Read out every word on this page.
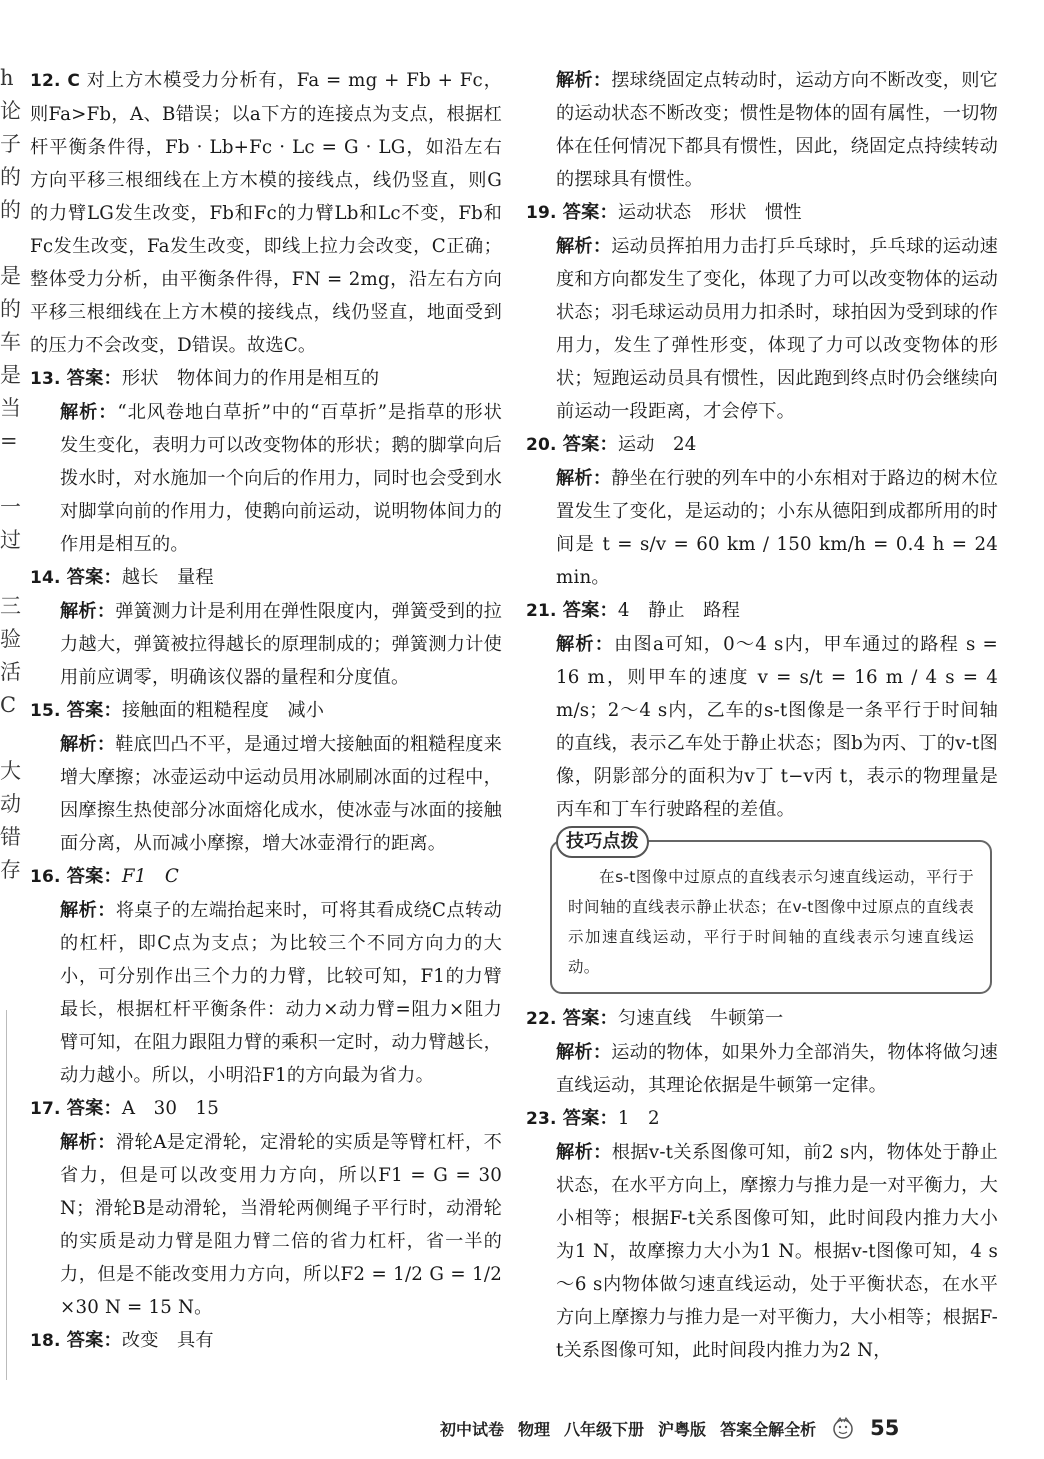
h
论
子
的
的

是
的
车
是
当
=

一
过

三
验
活
C

大
动
错
存

12. C 对上方木模受力分析有，Fa = mg + Fb + Fc，则Fa>Fb，A、B错误；以a下方的连接点为支点，根据杠杆平衡条件得，Fb · Lb+Fc · Lc = G · LG，如沿左右方向平移三根细线在上方木模的接线点，线仍竖直，则G的力臂LG发生改变，Fb和Fc的力臂Lb和Lc不变，Fb和Fc发生改变，Fa发生改变，即线上拉力会改变，C正确；整体受力分析，由平衡条件得，FN = 2mg，沿左右方向平移三根细线在上方木模的接线点，线仍竖直，地面受到的压力不会改变，D错误。故选C。

13. 答案：形状　物体间力的作用是相互的

解析：“北风卷地白草折”中的“百草折”是指草的形状发生变化，表明力可以改变物体的形状；鹅的脚掌向后拨水时，对水施加一个向后的作用力，同时也会受到水对脚掌向前的作用力，使鹅向前运动，说明物体间力的作用是相互的。

14. 答案：越长　量程

解析：弹簧测力计是利用在弹性限度内，弹簧受到的拉力越大，弹簧被拉得越长的原理制成的；弹簧测力计使用前应调零，明确该仪器的量程和分度值。

15. 答案：接触面的粗糙程度　减小

解析：鞋底凹凸不平，是通过增大接触面的粗糙程度来增大摩擦；冰壶运动中运动员用冰刷刷冰面的过程中，因摩擦生热使部分冰面熔化成水，使冰壶与冰面的接触面分离，从而减小摩擦，增大冰壶滑行的距离。

16. 答案：F1　C

解析：将桌子的左端抬起来时，可将其看成绕C点转动的杠杆，即C点为支点；为比较三个不同方向力的大小，可分别作出三个力的力臂，比较可知，F1的力臂最长，根据杠杆平衡条件：动力×动力臂=阻力×阻力臂可知，在阻力跟阻力臂的乘积一定时，动力臂越长，动力越小。所以，小明沿F1的方向最为省力。

17. 答案：A　30　15

解析：滑轮A是定滑轮，定滑轮的实质是等臂杠杆，不省力，但是可以改变用力方向，所以F1 = G = 30 N；滑轮B是动滑轮，当滑轮两侧绳子平行时，动滑轮的实质是动力臂是阻力臂二倍的省力杠杆，省一半的力，但是不能改变用力方向，所以F2 = 1/2 G = 1/2 ×30 N = 15 N。

18. 答案：改变　具有

解析：摆球绕固定点转动时，运动方向不断改变，则它的运动状态不断改变；惯性是物体的固有属性，一切物体在任何情况下都具有惯性，因此，绕固定点持续转动的摆球具有惯性。

19. 答案：运动状态　形状　惯性

解析：运动员挥拍用力击打乒乓球时，乒乓球的运动速度和方向都发生了变化，体现了力可以改变物体的运动状态；羽毛球运动员用力扣杀时，球拍因为受到球的作用力，发生了弹性形变，体现了力可以改变物体的形状；短跑运动员具有惯性，因此跑到终点时仍会继续向前运动一段距离，才会停下。

20. 答案：运动　24

解析：静坐在行驶的列车中的小东相对于路边的树木位置发生了变化，是运动的；小东从德阳到成都所用的时间是 t = s/v = 60 km / 150 km/h = 0.4 h = 24 min。

21. 答案：4　静止　路程

解析：由图a可知，0～4 s内，甲车通过的路程 s = 16 m，则甲车的速度 v = s/t = 16 m / 4 s = 4 m/s；2～4 s内，乙车的s-t图像是一条平行于时间轴的直线，表示乙车处于静止状态；图b为丙、丁的v-t图像，阴影部分的面积为v丁 t−v丙 t，表示的物理量是丙车和丁车行驶路程的差值。

技巧点拨

在s-t图像中过原点的直线表示匀速直线运动，平行于时间轴的直线表示静止状态；在v-t图像中过原点的直线表示加速直线运动，平行于时间轴的直线表示匀速直线运动。

22. 答案：匀速直线　牛顿第一

解析：运动的物体，如果外力全部消失，物体将做匀速直线运动，其理论依据是牛顿第一定律。

23. 答案：1　2

解析：根据v-t关系图像可知，前2 s内，物体处于静止状态，在水平方向上，摩擦力与推力是一对平衡力，大小相等；根据F-t关系图像可知，此时间段内推力大小为1 N，故摩擦力大小为1 N。根据v-t图像可知，4 s～6 s内物体做匀速直线运动，处于平衡状态，在水平方向上摩擦力与推力是一对平衡力，大小相等；根据F-t关系图像可知，此时间段内推力为2 N，

初中试卷 物理 八年级下册 沪粤版 答案全解全析	55
